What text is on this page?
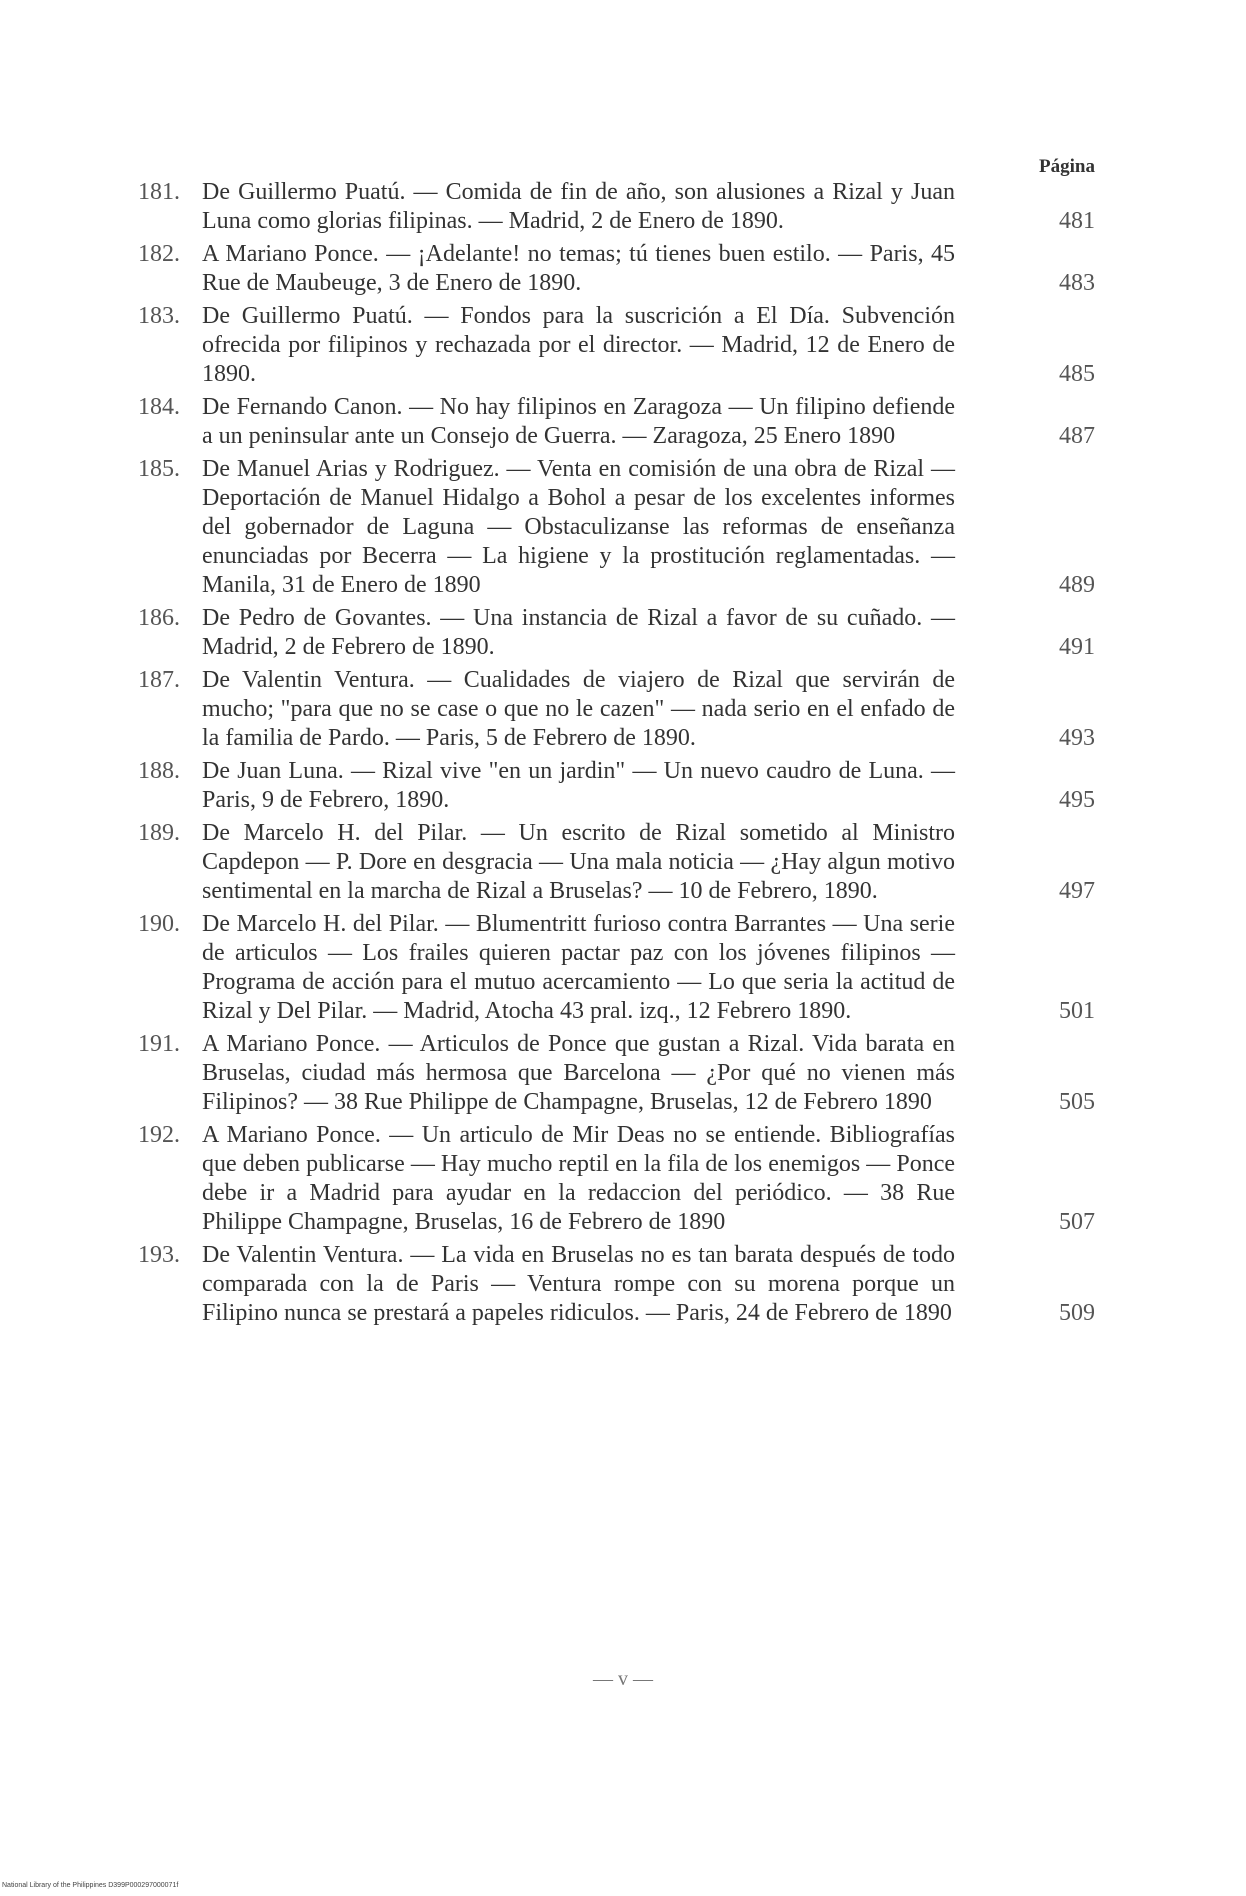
Página
181. De Guillermo Puatú. — Comida de fin de año, son alusiones a Rizal y Juan Luna como glorias filipinas. — Madrid, 2 de Enero de 1890.	481
182. A Mariano Ponce. — ¡Adelante! no temas; tú tienes buen estilo. — Paris, 45 Rue de Maubeuge, 3 de Enero de 1890.	483
183. De Guillermo Puatú. — Fondos para la suscrición a El Día. Subvención ofrecida por filipinos y rechazada por el director. — Madrid, 12 de Enero de 1890.	485
184. De Fernando Canon. — No hay filipinos en Zaragoza — Un filipino defiende a un peninsular ante un Consejo de Guerra. — Zaragoza, 25 Enero 1890	487
185. De Manuel Arias y Rodriguez. — Venta en comisión de una obra de Rizal — Deportación de Manuel Hidalgo a Bohol a pesar de los excelentes informes del gobernador de Laguna — Obstaculizanse las reformas de enseñanza enunciadas por Becerra — La higiene y la prostitución reglamentadas. — Manila, 31 de Enero de 1890	489
186. De Pedro de Govantes. — Una instancia de Rizal a favor de su cuñado. — Madrid, 2 de Febrero de 1890.	491
187. De Valentin Ventura. — Cualidades de viajero de Rizal que servirán de mucho; "para que no se case o que no le cazen" — nada serio en el enfado de la familia de Pardo. — Paris, 5 de Febrero de 1890.	493
188. De Juan Luna. — Rizal vive "en un jardin" — Un nuevo caudro de Luna. — Paris, 9 de Febrero, 1890.	495
189. De Marcelo H. del Pilar. — Un escrito de Rizal sometido al Ministro Capdepon — P. Dore en desgracia — Una mala noticia — ¿Hay algun motivo sentimental en la marcha de Rizal a Bruselas? — 10 de Febrero, 1890.	497
190. De Marcelo H. del Pilar. — Blumentritt furioso contra Barrantes — Una serie de articulos — Los frailes quieren pactar paz con los jóvenes filipinos — Programa de acción para el mutuo acercamiento — Lo que seria la actitud de Rizal y Del Pilar. — Madrid, Atocha 43 pral. izq., 12 Febrero 1890.	501
191. A Mariano Ponce. — Articulos de Ponce que gustan a Rizal. Vida barata en Bruselas, ciudad más hermosa que Barcelona — ¿Por qué no vienen más Filipinos? — 38 Rue Philippe de Champagne, Bruselas, 12 de Febrero 1890	505
192. A Mariano Ponce. — Un articulo de Mir Deas no se entiende. Bibliografías que deben publicarse — Hay mucho reptil en la fila de los enemigos — Ponce debe ir a Madrid para ayudar en la redaccion del periódico. — 38 Rue Philippe Champagne, Bruselas, 16 de Febrero de 1890	507
193. De Valentin Ventura. — La vida en Bruselas no es tan barata después de todo comparada con la de Paris — Ventura rompe con su morena porque un Filipino nunca se prestará a papeles ridiculos. — Paris, 24 de Febrero de 1890	509
— v —
National Library of the Philippines D399P000297000071f
